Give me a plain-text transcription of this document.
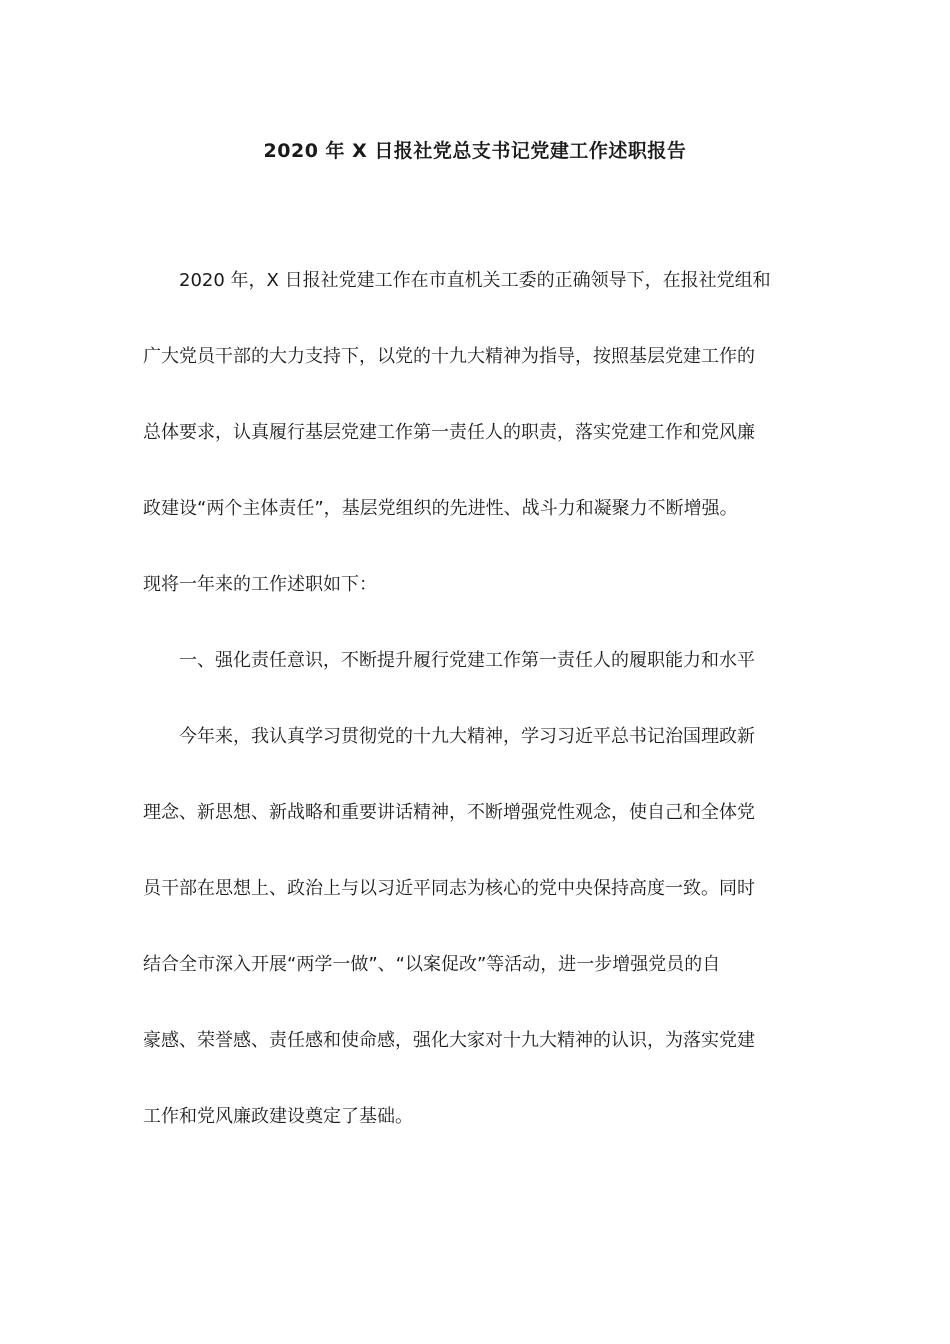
2020 年 X 日报社党总支书记党建工作述职报告
2020 年，X 日报社党建工作在市直机关工委的正确领导下，在报社党组和
广大党员干部的大力支持下，以党的十九大精神为指导，按照基层党建工作的
总体要求，认真履行基层党建工作第一责任人的职责，落实党建工作和党风廉
政建设“两个主体责任”，基层党组织的先进性、战斗力和凝聚力不断增强。
现将一年来的工作述职如下：
一、强化责任意识，不断提升履行党建工作第一责任人的履职能力和水平
今年来，我认真学习贯彻党的十九大精神，学习习近平总书记治国理政新
理念、新思想、新战略和重要讲话精神，不断增强党性观念，使自己和全体党
员干部在思想上、政治上与以习近平同志为核心的党中央保持高度一致。同时
结合全市深入开展“两学一做”、“以案促改”等活动，进一步增强党员的自
豪感、荣誉感、责任感和使命感，强化大家对十九大精神的认识，为落实党建
工作和党风廉政建设奠定了基础。
